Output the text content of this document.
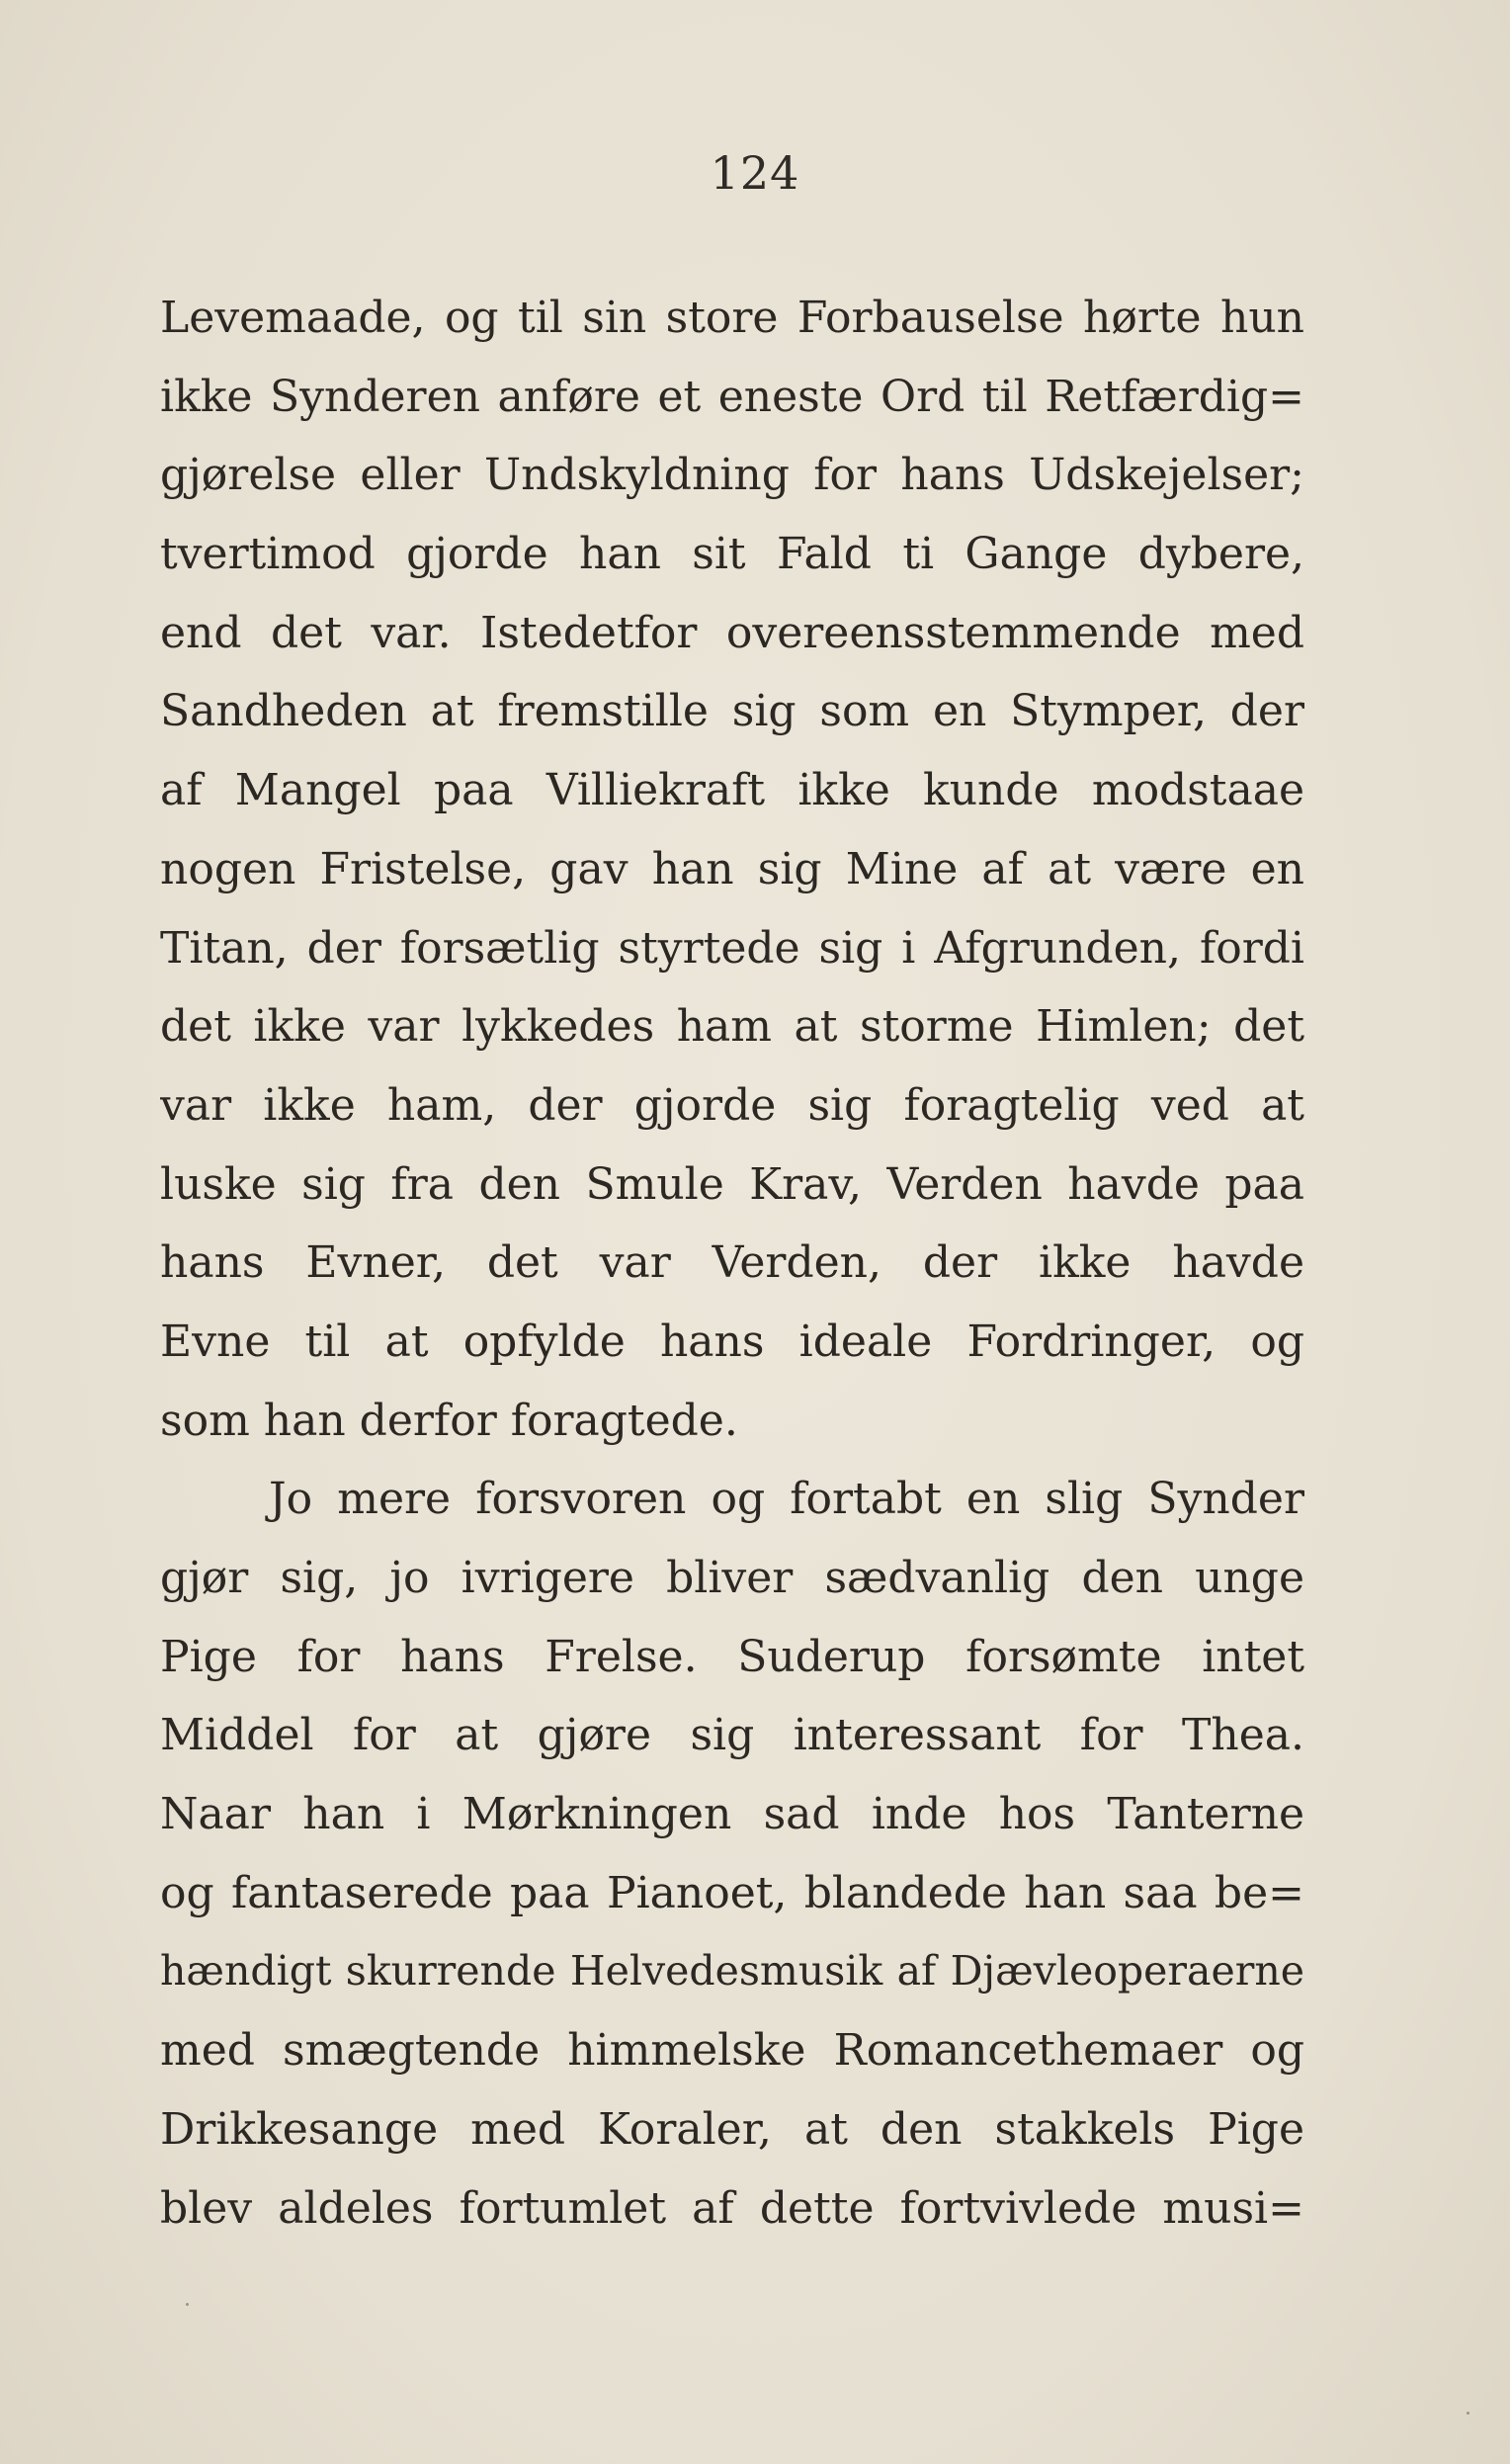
124
Levemaade, og til sin store Forbauselse hørte hun
ikke Synderen anføre et eneste Ord til Retfærdig=
gjørelse eller Undskyldning for hans Udskejelser;
tvertimod gjorde han sit Fald ti Gange dybere,
end det var. Istedetfor overeensstemmende med
Sandheden at fremstille sig som en Stymper, der
af Mangel paa Villiekraft ikke kunde modstaae
nogen Fristelse, gav han sig Mine af at være en
Titan, der forsætlig styrtede sig i Afgrunden, fordi
det ikke var lykkedes ham at storme Himlen; det
var ikke ham, der gjorde sig foragtelig ved at
luske sig fra den Smule Krav, Verden havde paa
hans Evner, det var Verden, der ikke havde
Evne til at opfylde hans ideale Fordringer, og
som han derfor foragtede.
Jo mere forsvoren og fortabt en slig Synder
gjør sig, jo ivrigere bliver sædvanlig den unge
Pige for hans Frelse. Suderup forsømte intet
Middel for at gjøre sig interessant for Thea.
Naar han i Mørkningen sad inde hos Tanterne
og fantaserede paa Pianoet, blandede han saa be=
hændigt skurrende Helvedesmusik af Djævleoperaerne
med smægtende himmelske Romancethemaer og
Drikkesange med Koraler, at den stakkels Pige
blev aldeles fortumlet af dette fortvivlede musi=
